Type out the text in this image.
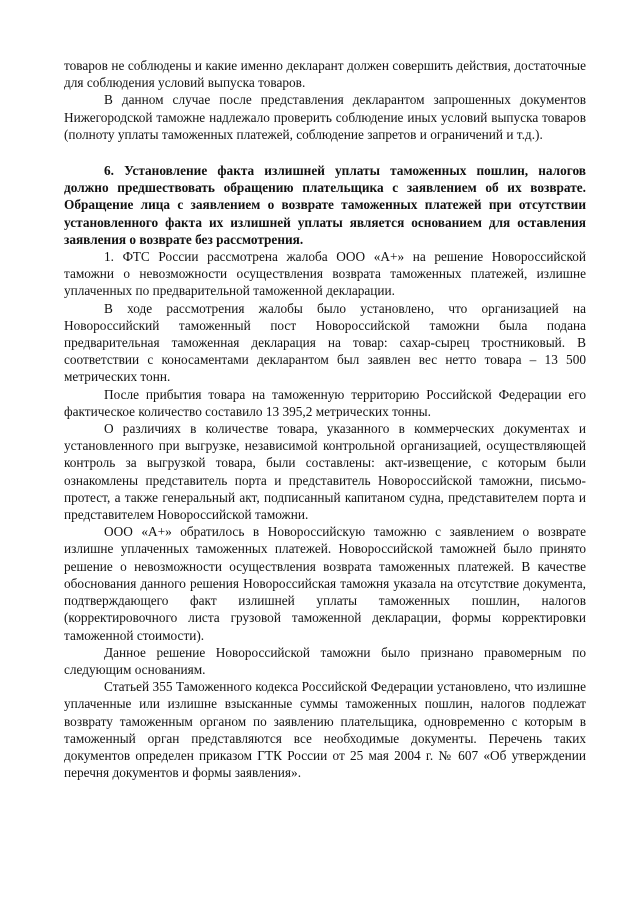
товаров не соблюдены и какие именно декларант должен совершить действия, достаточные для соблюдения условий выпуска товаров.

В данном случае после представления декларантом запрошенных документов Нижегородской таможне надлежало проверить соблюдение иных условий выпуска товаров (полноту уплаты таможенных платежей, соблюдение запретов и ограничений и т.д.).

6. Установление факта излишней уплаты таможенных пошлин, налогов должно предшествовать обращению плательщика с заявлением об их возврате. Обращение лица с заявлением о возврате таможенных платежей при отсутствии установленного факта их излишней уплаты является основанием для оставления заявления о возврате без рассмотрения.

1. ФТС России рассмотрена жалоба ООО «А+» на решение Новороссийской таможни о невозможности осуществления возврата таможенных платежей, излишне уплаченных по предварительной таможенной декларации.

В ходе рассмотрения жалобы было установлено, что организацией на Новороссийский таможенный пост Новороссийской таможни была подана предварительная таможенная декларация на товар: сахар-сырец тростниковый. В соответствии с коносаментами декларантом был заявлен вес нетто товара – 13 500 метрических тонн.

После прибытия товара на таможенную территорию Российской Федерации его фактическое количество составило 13 395,2 метрических тонны.

О различиях в количестве товара, указанного в коммерческих документах и установленного при выгрузке, независимой контрольной организацией, осуществляющей контроль за выгрузкой товара, были составлены: акт-извещение, с которым были ознакомлены представитель порта и представитель Новороссийской таможни, письмо-протест, а также генеральный акт, подписанный капитаном судна, представителем порта и представителем Новороссийской таможни.

ООО «А+» обратилось в Новороссийскую таможню с заявлением о возврате излишне уплаченных таможенных платежей. Новороссийской таможней было принято решение о невозможности осуществления возврата таможенных платежей. В качестве обоснования данного решения Новороссийская таможня указала на отсутствие документа, подтверждающего факт излишней уплаты таможенных пошлин, налогов (корректировочного листа грузовой таможенной декларации, формы корректировки таможенной стоимости).

Данное решение Новороссийской таможни было признано правомерным по следующим основаниям.

Статьей 355 Таможенного кодекса Российской Федерации установлено, что излишне уплаченные или излишне взысканные суммы таможенных пошлин, налогов подлежат возврату таможенным органом по заявлению плательщика, одновременно с которым в таможенный орган представляются все необходимые документы. Перечень таких документов определен приказом ГТК России от 25 мая 2004 г. № 607 «Об утверждении перечня документов и формы заявления».
